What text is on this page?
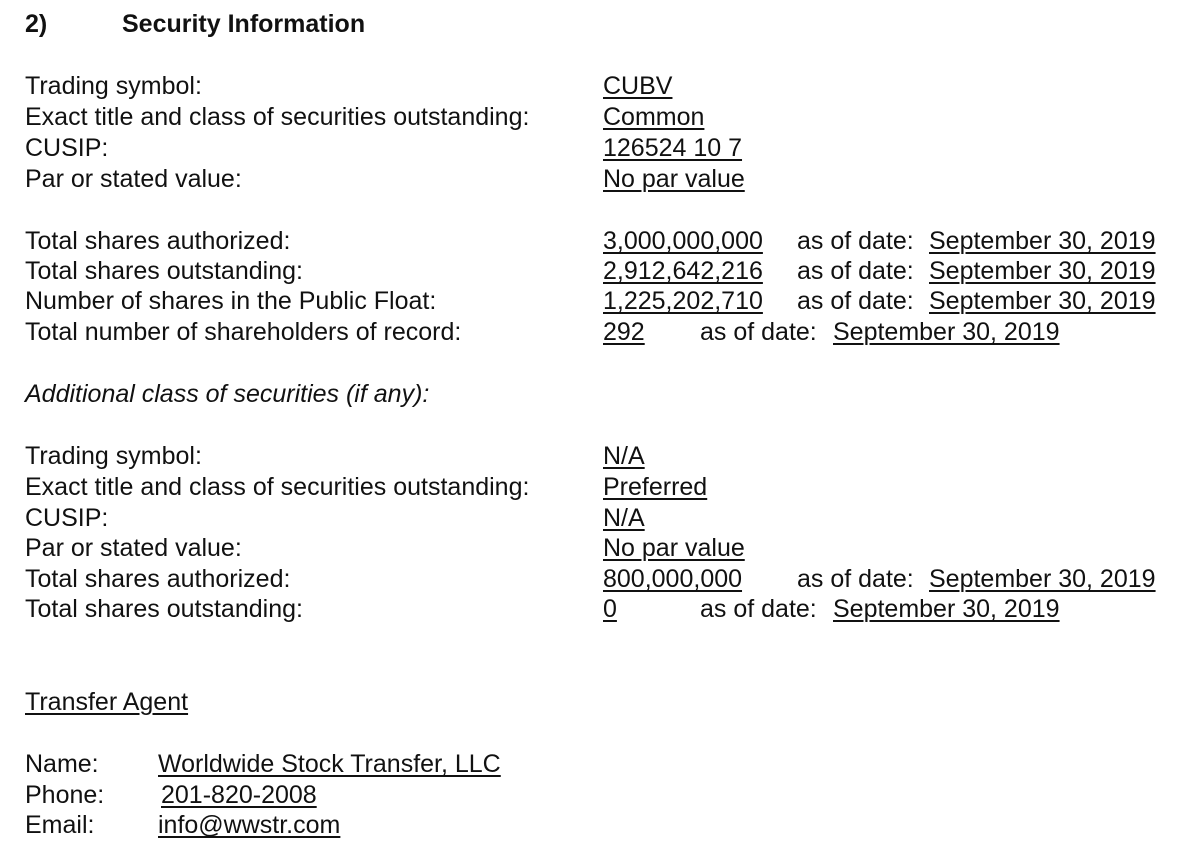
2)	Security Information
Trading symbol:	CUBV
Exact title and class of securities outstanding:	Common
CUSIP:	126524 10 7
Par or stated value:	No par value
Total shares authorized:	3,000,000,000 as of date: September 30, 2019
Total shares outstanding:	2,912,642,216 as of date: September 30, 2019
Number of shares in the Public Float:	1,225,202,710 as of date: September 30, 2019
Total number of shareholders of record:	292 as of date: September 30, 2019
Additional class of securities (if any):
Trading symbol:	N/A
Exact title and class of securities outstanding:	Preferred
CUSIP:	N/A
Par or stated value:	No par value
Total shares authorized:	800,000,000 as of date: September 30, 2019
Total shares outstanding:	0	as of date: September 30, 2019
Transfer Agent
Name: Worldwide Stock Transfer, LLC
Phone: 201-820-2008
Email:	info@wwstr.com
